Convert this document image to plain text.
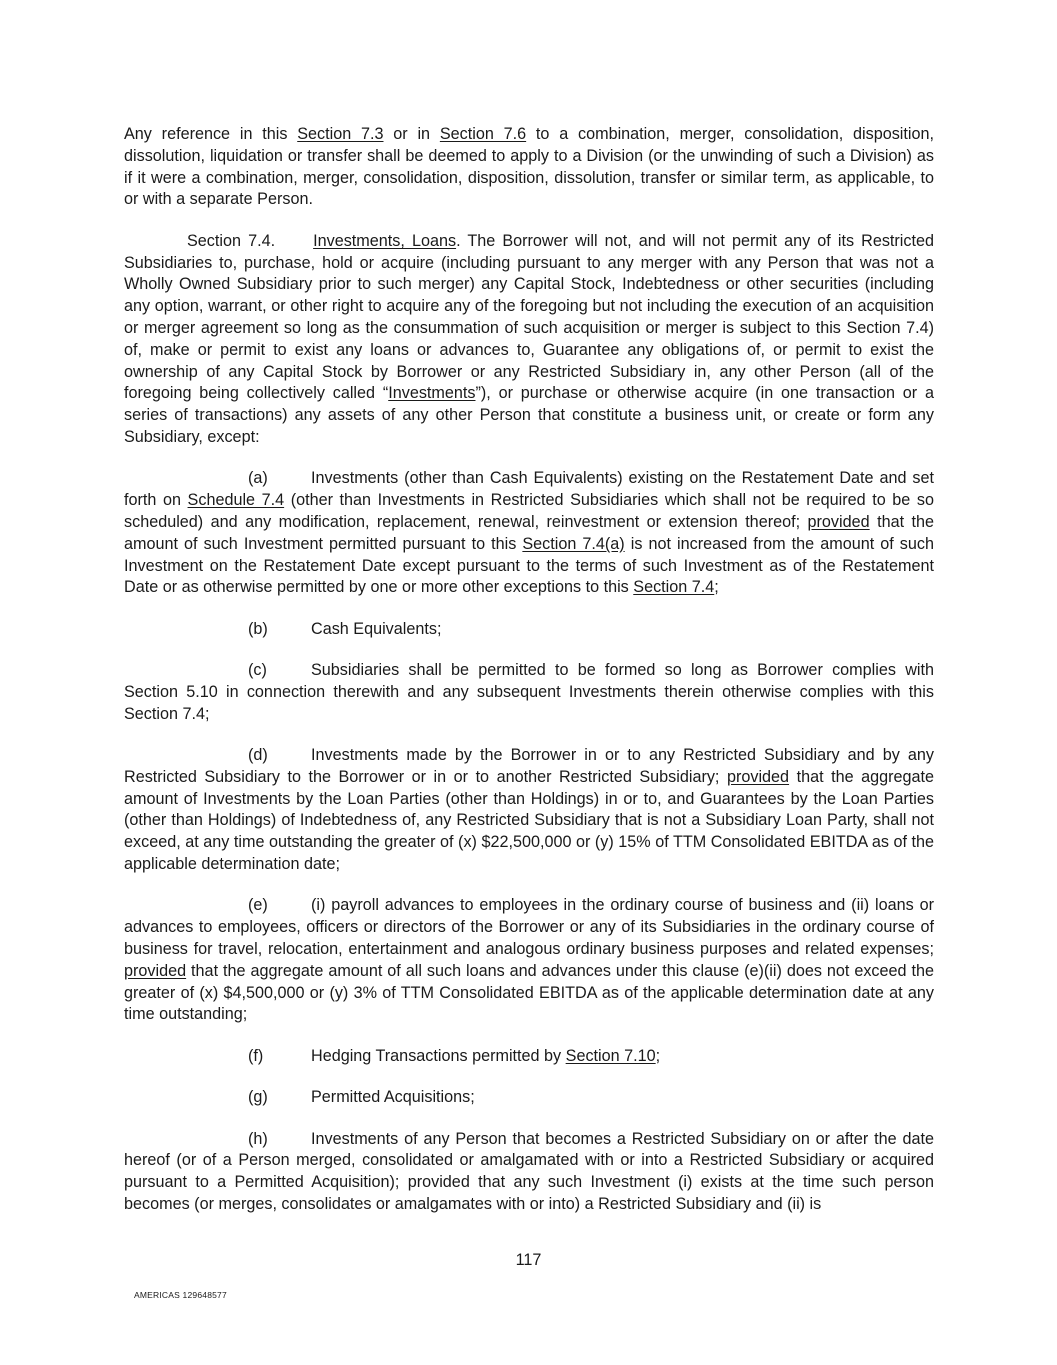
Any reference in this Section 7.3 or in Section 7.6 to a combination, merger, consolidation, disposition, dissolution, liquidation or transfer shall be deemed to apply to a Division (or the unwinding of such a Division) as if it were a combination, merger, consolidation, disposition, dissolution, transfer or similar term, as applicable, to or with a separate Person.

Section 7.4. Investments, Loans. The Borrower will not, and will not permit any of its Restricted Subsidiaries to, purchase, hold or acquire (including pursuant to any merger with any Person that was not a Wholly Owned Subsidiary prior to such merger) any Capital Stock, Indebtedness or other securities (including any option, warrant, or other right to acquire any of the foregoing but not including the execution of an acquisition or merger agreement so long as the consummation of such acquisition or merger is subject to this Section 7.4) of, make or permit to exist any loans or advances to, Guarantee any obligations of, or permit to exist the ownership of any Capital Stock by Borrower or any Restricted Subsidiary in, any other Person (all of the foregoing being collectively called “Investments”), or purchase or otherwise acquire (in one transaction or a series of transactions) any assets of any other Person that constitute a business unit, or create or form any Subsidiary, except:

(a)	Investments (other than Cash Equivalents) existing on the Restatement Date and set forth on Schedule 7.4 (other than Investments in Restricted Subsidiaries which shall not be required to be so scheduled) and any modification, replacement, renewal, reinvestment or extension thereof; provided that the amount of such Investment permitted pursuant to this Section 7.4(a) is not increased from the amount of such Investment on the Restatement Date except pursuant to the terms of such Investment as of the Restatement Date or as otherwise permitted by one or more other exceptions to this Section 7.4;

(b)	Cash Equivalents;

(c)	Subsidiaries shall be permitted to be formed so long as Borrower complies with Section 5.10 in connection therewith and any subsequent Investments therein otherwise complies with this Section 7.4;

(d)	Investments made by the Borrower in or to any Restricted Subsidiary and by any Restricted Subsidiary to the Borrower or in or to another Restricted Subsidiary; provided that the aggregate amount of Investments by the Loan Parties (other than Holdings) in or to, and Guarantees by the Loan Parties (other than Holdings) of Indebtedness of, any Restricted Subsidiary that is not a Subsidiary Loan Party, shall not exceed, at any time outstanding the greater of (x) $22,500,000 or (y) 15% of TTM Consolidated EBITDA as of the applicable determination date;

(e)	(i) payroll advances to employees in the ordinary course of business and (ii) loans or advances to employees, officers or directors of the Borrower or any of its Subsidiaries in the ordinary course of business for travel, relocation, entertainment and analogous ordinary business purposes and related expenses; provided that the aggregate amount of all such loans and advances under this clause (e)(ii) does not exceed the greater of (x) $4,500,000 or (y) 3% of TTM Consolidated EBITDA as of the applicable determination date at any time outstanding;

(f)	Hedging Transactions permitted by Section 7.10;

(g)	Permitted Acquisitions;

(h)	Investments of any Person that becomes a Restricted Subsidiary on or after the date hereof (or of a Person merged, consolidated or amalgamated with or into a Restricted Subsidiary or acquired pursuant to a Permitted Acquisition); provided that any such Investment (i) exists at the time such person becomes (or merges, consolidates or amalgamates with or into) a Restricted Subsidiary and (ii) is

117
AMERICAS 129648577
